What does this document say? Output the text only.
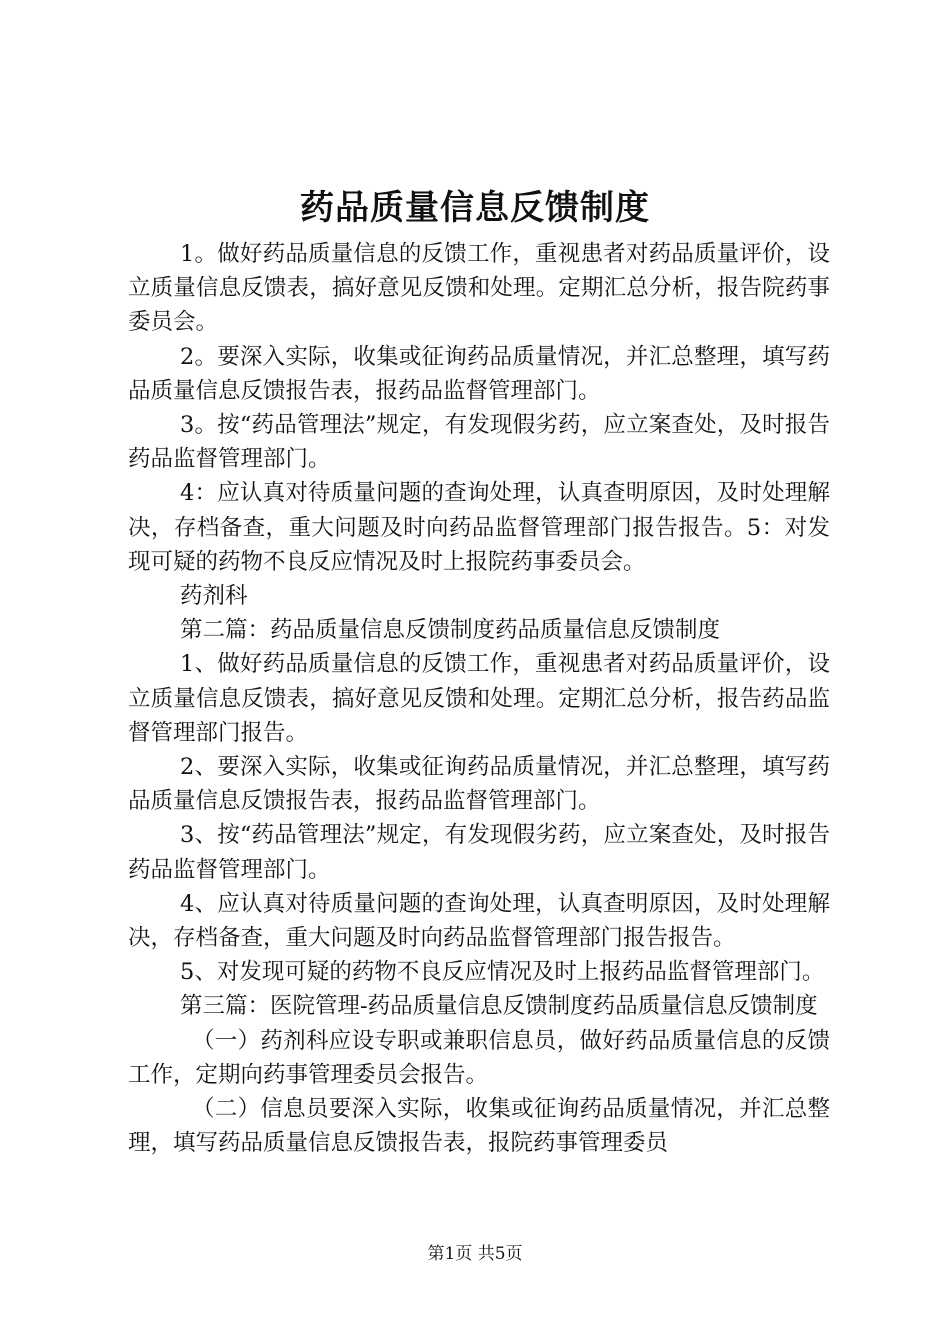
药品质量信息反馈制度

1。做好药品质量信息的反馈工作，重视患者对药品质量评价，设立质量信息反馈表，搞好意见反馈和处理。定期汇总分析，报告院药事委员会。

2。要深入实际，收集或征询药品质量情况，并汇总整理，填写药品质量信息反馈报告表，报药品监督管理部门。

3。按“药品管理法”规定，有发现假劣药，应立案查处，及时报告药品监督管理部门。

4：应认真对待质量问题的查询处理，认真查明原因，及时处理解决，存档备查，重大问题及时向药品监督管理部门报告报告。5：对发现可疑的药物不良反应情况及时上报院药事委员会。

药剂科

第二篇：药品质量信息反馈制度药品质量信息反馈制度

1、做好药品质量信息的反馈工作，重视患者对药品质量评价，设立质量信息反馈表，搞好意见反馈和处理。定期汇总分析，报告药品监督管理部门报告。

2、要深入实际，收集或征询药品质量情况，并汇总整理，填写药品质量信息反馈报告表，报药品监督管理部门。

3、按“药品管理法”规定，有发现假劣药，应立案查处，及时报告药品监督管理部门。

4、应认真对待质量问题的查询处理，认真查明原因，及时处理解决，存档备查，重大问题及时向药品监督管理部门报告报告。

5、对发现可疑的药物不良反应情况及时上报药品监督管理部门。

第三篇：医院管理-药品质量信息反馈制度药品质量信息反馈制度

（一）药剂科应设专职或兼职信息员，做好药品质量信息的反馈工作，定期向药事管理委员会报告。

（二）信息员要深入实际，收集或征询药品质量情况，并汇总整理，填写药品质量信息反馈报告表，报院药事管理委员

第1页 共5页
